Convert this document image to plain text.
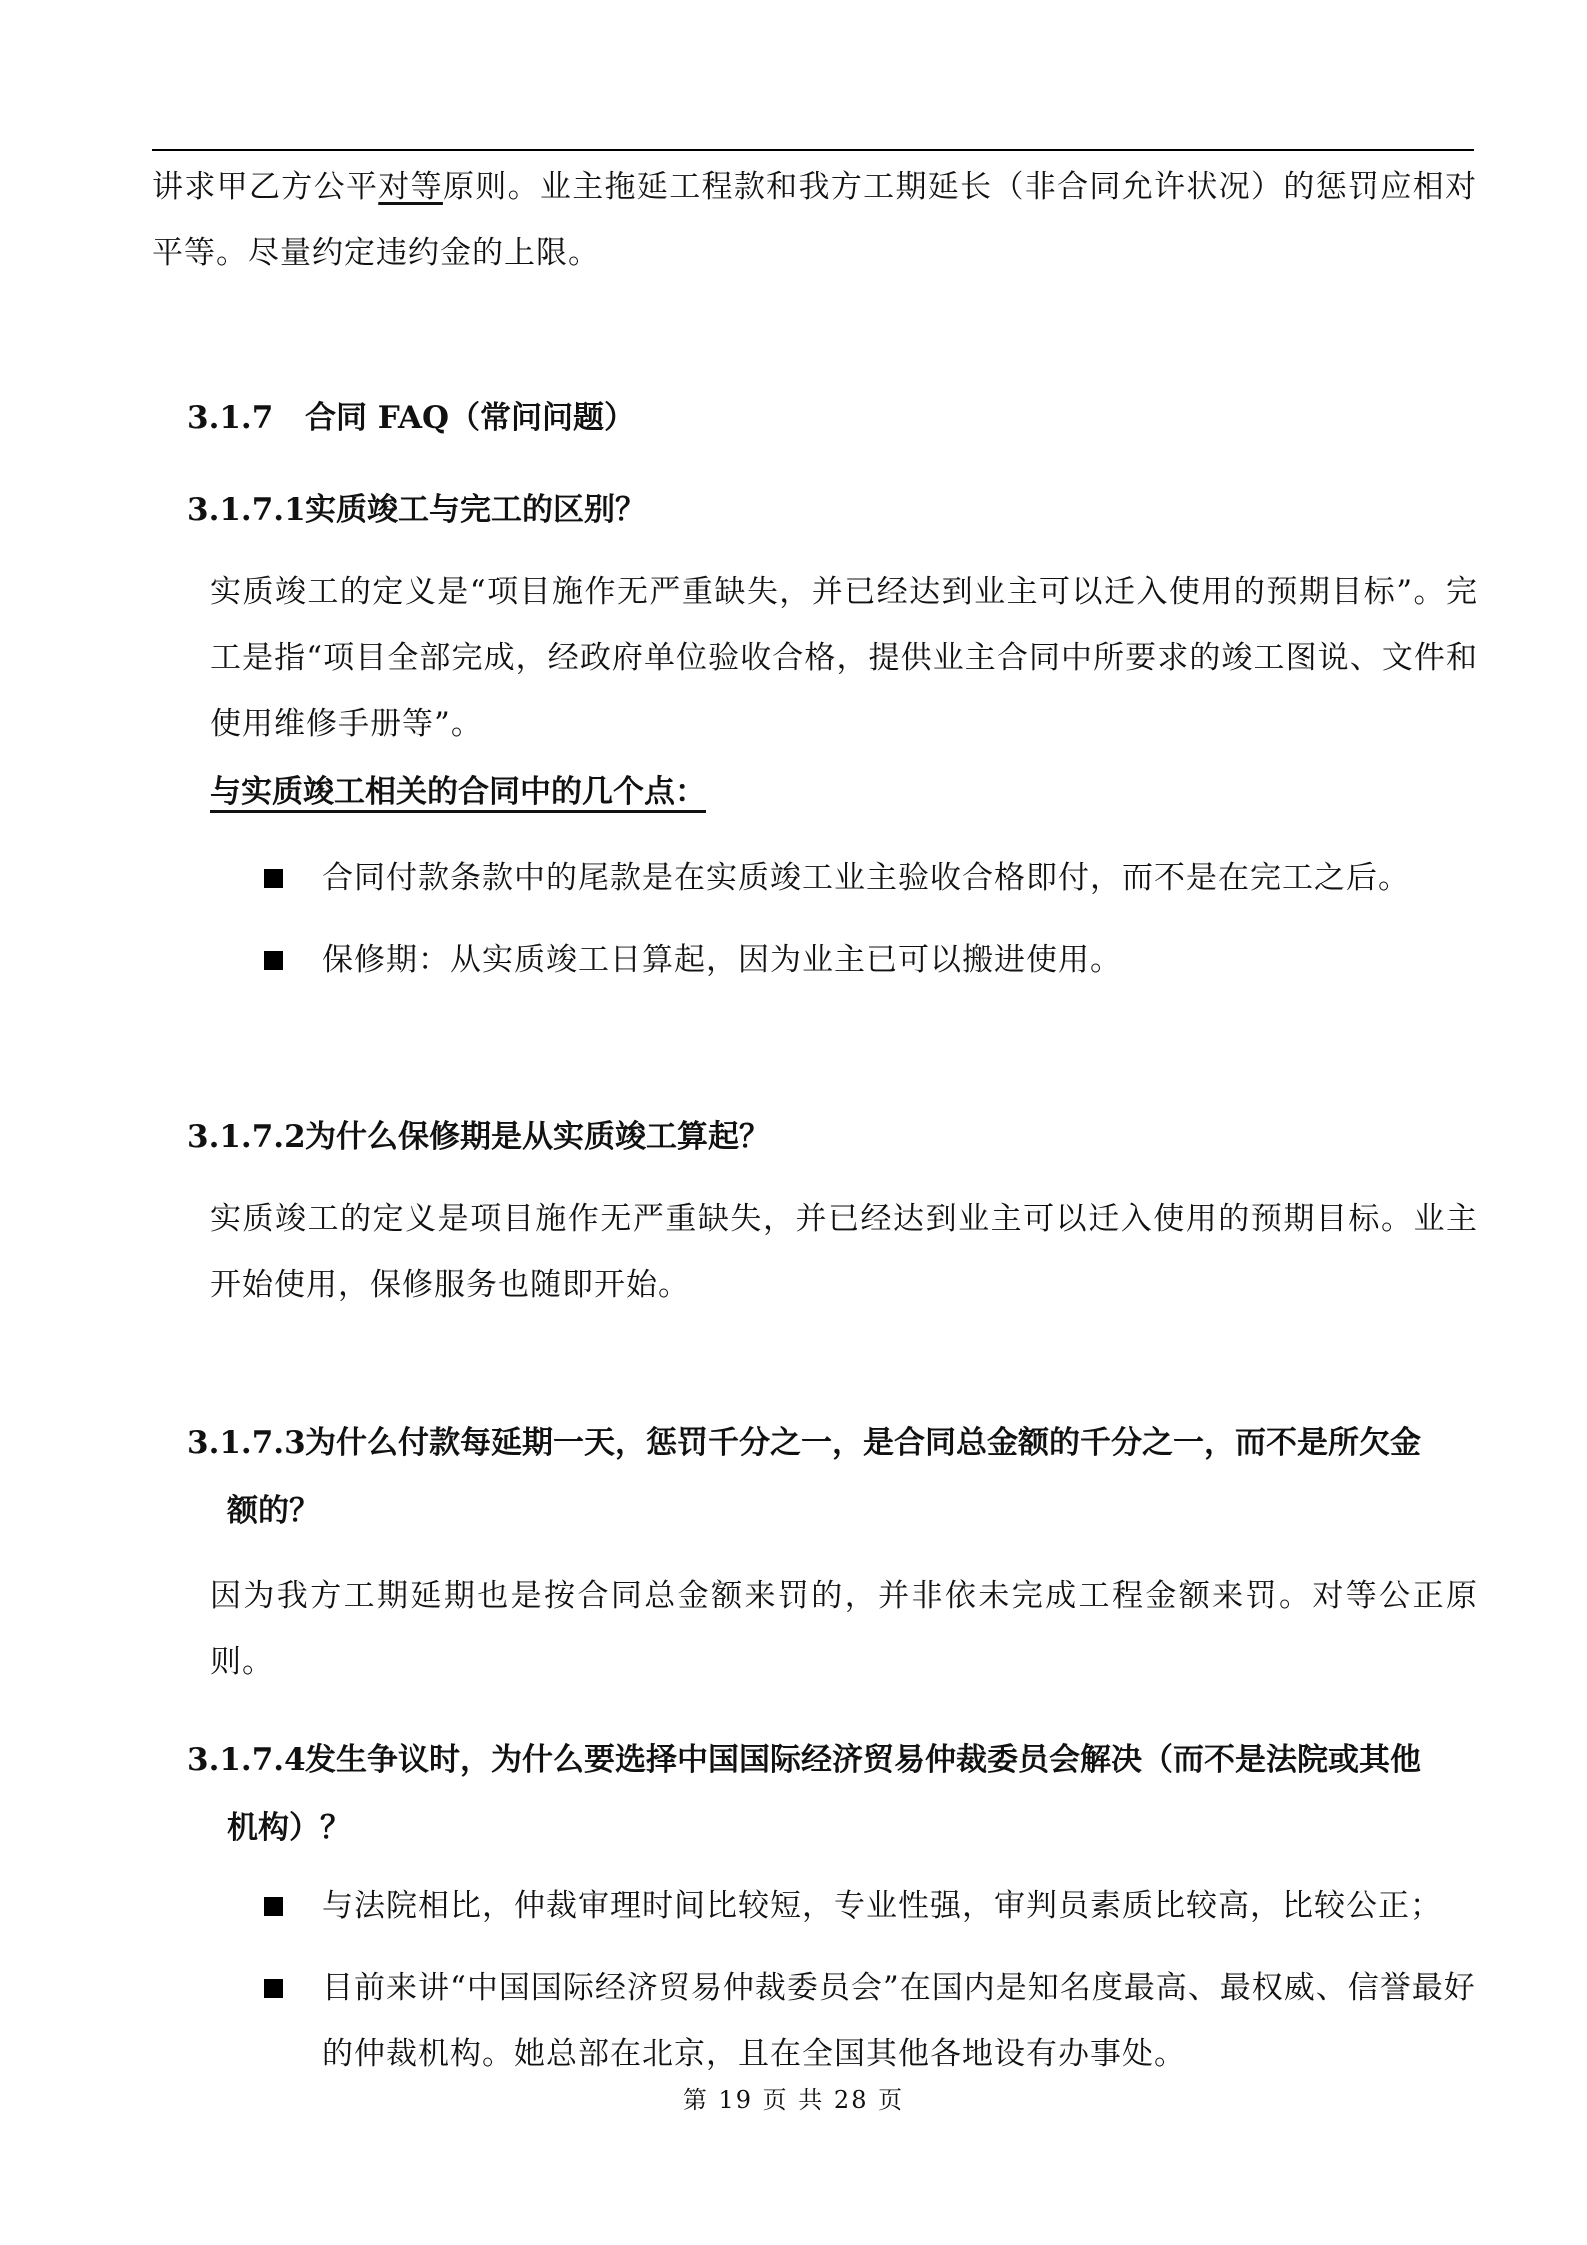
讲求甲乙方公平对等原则。业主拖延工程款和我方工期延长（非合同允许状况）的惩罚应相对平等。尽量约定违约金的上限。

3.1.7 合同 FAQ（常问问题）
3.1.7.1实质竣工与完工的区别？

实质竣工的定义是“项目施作无严重缺失，并已经达到业主可以迁入使用的预期目标”。完工是指“项目全部完成，经政府单位验收合格，提供业主合同中所要求的竣工图说、文件和使用维修手册等”。

与实质竣工相关的合同中的几个点：

合同付款条款中的尾款是在实质竣工业主验收合格即付，而不是在完工之后。
保修期：从实质竣工日算起，因为业主已可以搬进使用。
3.1.7.2为什么保修期是从实质竣工算起？

实质竣工的定义是项目施作无严重缺失，并已经达到业主可以迁入使用的预期目标。业主开始使用，保修服务也随即开始。

3.1.7.3为什么付款每延期一天，惩罚千分之一，是合同总金额的千分之一，而不是所欠金
额的？

因为我方工期延期也是按合同总金额来罚的，并非依未完成工程金额来罚。对等公正原则。

3.1.7.4发生争议时，为什么要选择中国国际经济贸易仲裁委员会解决（而不是法院或其他
机构）？
与法院相比，仲裁审理时间比较短，专业性强，审判员素质比较高，比较公正；
目前来讲“中国国际经济贸易仲裁委员会”在国内是知名度最高、最权威、信誉最好的仲裁机构。她总部在北京，且在全国其他各地设有办事处。

第 19 页 共 28 页
